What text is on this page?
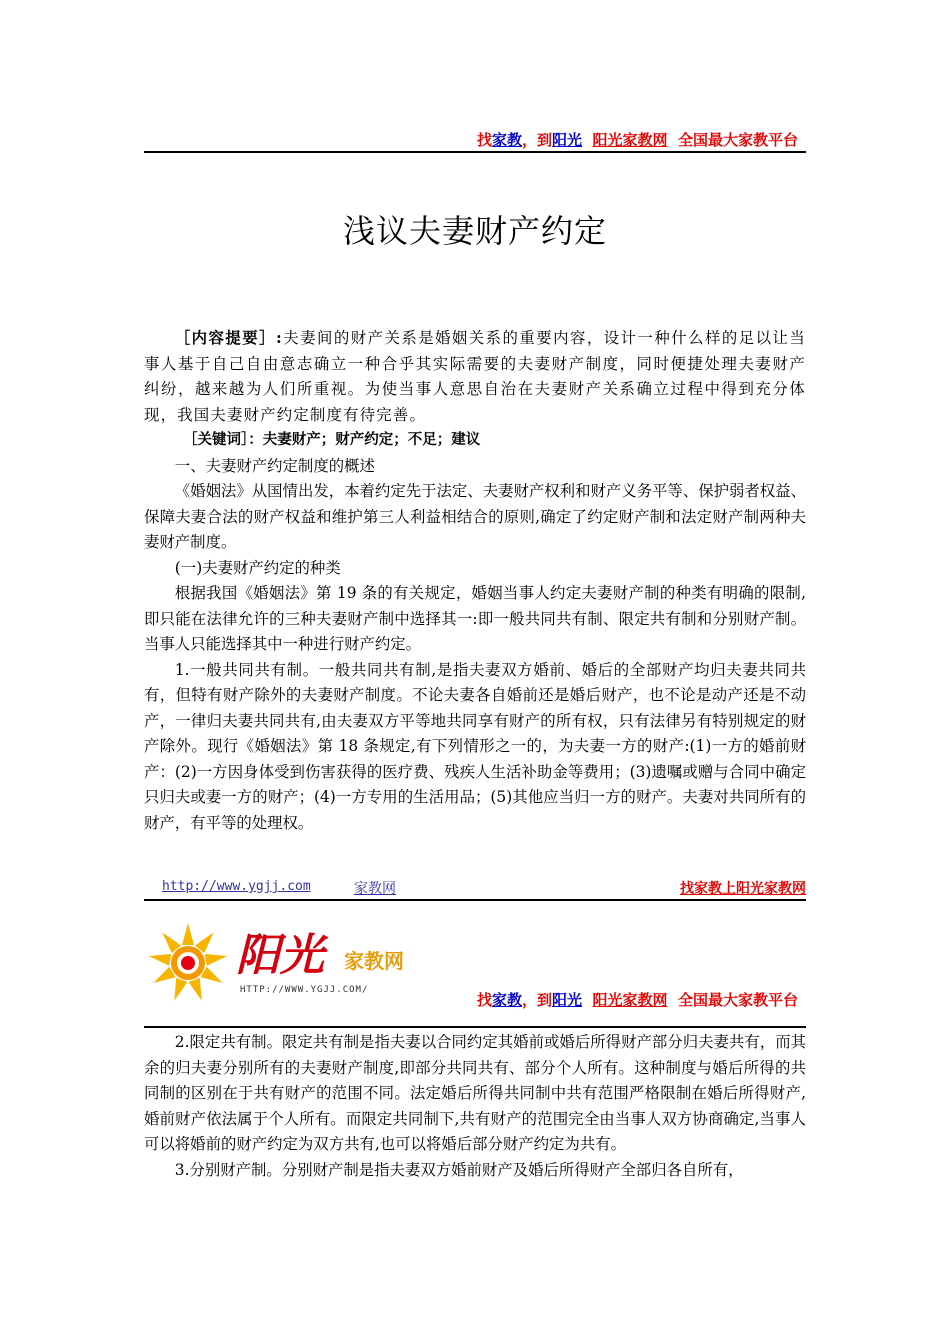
找家教，到阳光 阳光家教网 全国最大家教平台
浅议夫妻财产约定

［内容提要］:夫妻间的财产关系是婚姻关系的重要内容，设计一种什么样的足以让当事人基于自己自由意志确立一种合乎其实际需要的夫妻财产制度，同时便捷处理夫妻财产纠纷，越来越为人们所重视。为使当事人意思自治在夫妻财产关系确立过程中得到充分体现，我国夫妻财产约定制度有待完善。

［关键词］：夫妻财产；财产约定；不足；建议

一、夫妻财产约定制度的概述

《婚姻法》从国情出发，本着约定先于法定、夫妻财产权利和财产义务平等、保护弱者权益、保障夫妻合法的财产权益和维护第三人利益相结合的原则,确定了约定财产制和法定财产制两种夫妻财产制度。

(一)夫妻财产约定的种类

根据我国《婚姻法》第 19 条的有关规定，婚姻当事人约定夫妻财产制的种类有明确的限制,即只能在法律允许的三种夫妻财产制中选择其一:即一般共同共有制、限定共有制和分别财产制。当事人只能选择其中一种进行财产约定。

1.一般共同共有制。一般共同共有制,是指夫妻双方婚前、婚后的全部财产均归夫妻共同共有，但特有财产除外的夫妻财产制度。不论夫妻各自婚前还是婚后财产，也不论是动产还是不动产，一律归夫妻共同共有,由夫妻双方平等地共同享有财产的所有权，只有法律另有特别规定的财产除外。现行《婚姻法》第 18 条规定,有下列情形之一的，为夫妻一方的财产:(1)一方的婚前财产：(2)一方因身体受到伤害获得的医疗费、残疾人生活补助金等费用；(3)遗嘱或赠与合同中确定只归夫或妻一方的财产；(4)一方专用的生活用品；(5)其他应当归一方的财产。夫妻对共同所有的财产，有平等的处理权。

http://www.ygjj.com	家教网	找家教上阳光家教网
阳光 家教网
HTTP://WWW.YGJJ.COM/
找家教，到阳光 阳光家教网 全国最大家教平台

2.限定共有制。限定共有制是指夫妻以合同约定其婚前或婚后所得财产部分归夫妻共有，而其余的归夫妻分别所有的夫妻财产制度,即部分共同共有、部分个人所有。这种制度与婚后所得的共同制的区别在于共有财产的范围不同。法定婚后所得共同制中共有范围严格限制在婚后所得财产,婚前财产依法属于个人所有。而限定共同制下,共有财产的范围完全由当事人双方协商确定,当事人可以将婚前的财产约定为双方共有,也可以将婚后部分财产约定为共有。

3.分别财产制。分别财产制是指夫妻双方婚前财产及婚后所得财产全部归各自所有，
